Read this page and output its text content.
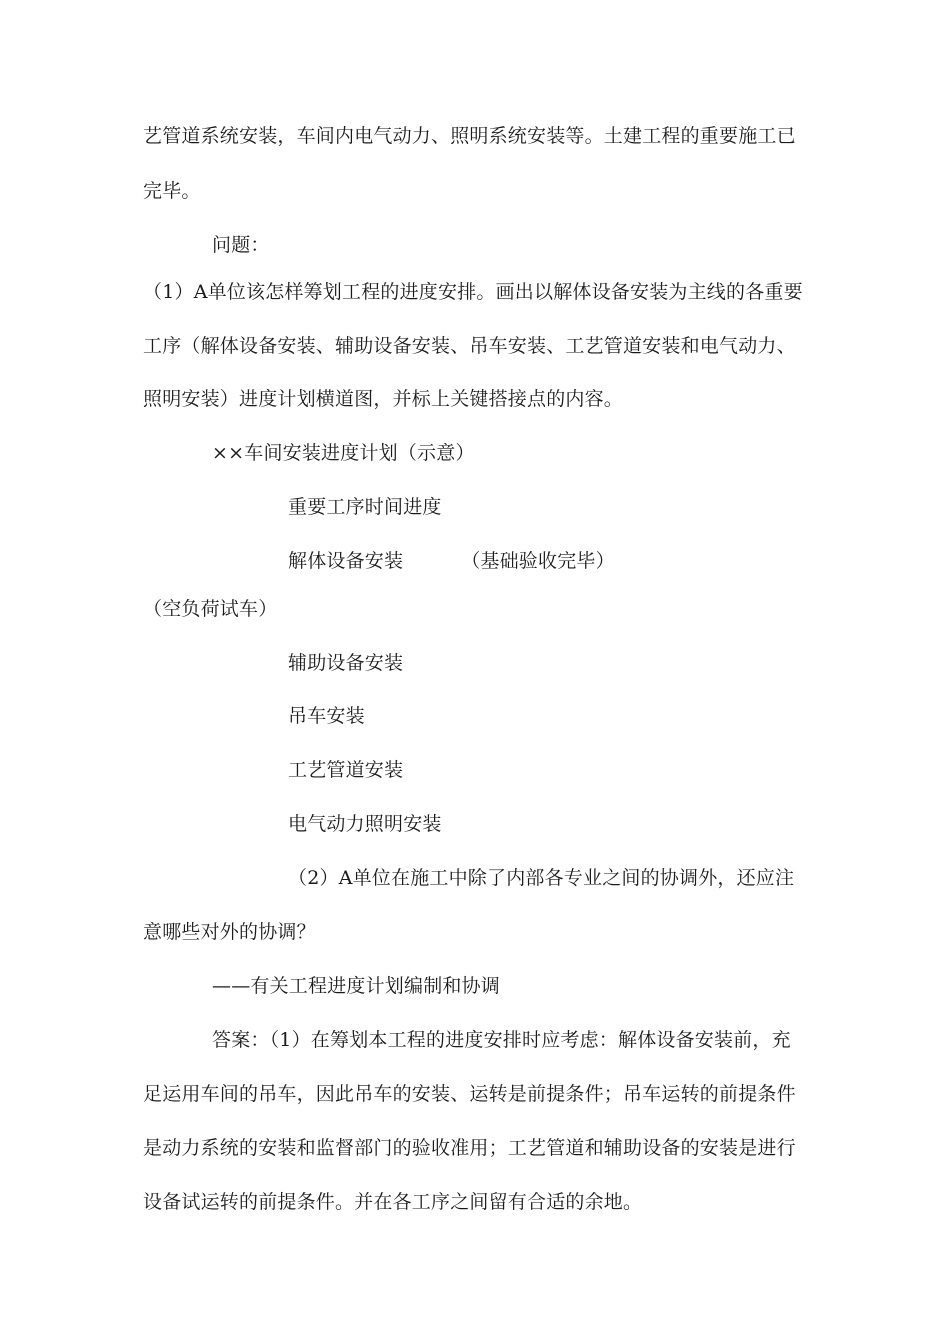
艺管道系统安装，车间内电气动力、照明系统安装等。土建工程的重要施工已
完毕。
问题：
（1）A单位该怎样筹划工程的进度安排。画出以解体设备安装为主线的各重要
工序（解体设备安装、辅助设备安装、吊车安装、工艺管道安装和电气动力、
照明安装）进度计划横道图，并标上关键搭接点的内容。
××车间安装进度计划（示意）
重要工序时间进度
解体设备安装	（基础验收完毕）
（空负荷试车）
辅助设备安装
吊车安装
工艺管道安装
电气动力照明安装
（2）A单位在施工中除了内部各专业之间的协调外，还应注
意哪些对外的协调？
——有关工程进度计划编制和协调
答案：（1）在筹划本工程的进度安排时应考虑：解体设备安装前，充
足运用车间的吊车，因此吊车的安装、运转是前提条件；吊车运转的前提条件
是动力系统的安装和监督部门的验收准用；工艺管道和辅助设备的安装是进行
设备试运转的前提条件。并在各工序之间留有合适的余地。
